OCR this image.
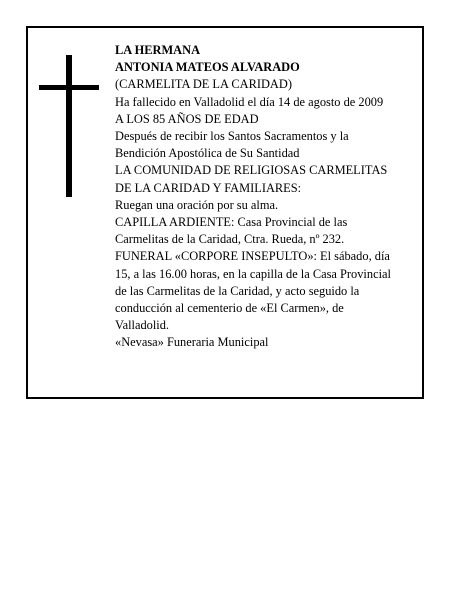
LA HERMANA
ANTONIA MATEOS ALVARADO
(CARMELITA DE LA CARIDAD)
Ha fallecido en Valladolid el día 14 de agosto de 2009
A LOS 85 AÑOS DE EDAD
Después de recibir los Santos Sacramentos y la
Bendición Apostólica de Su Santidad
LA COMUNIDAD DE RELIGIOSAS CARMELITAS
DE LA CARIDAD Y FAMILIARES:
Ruegan una oración por su alma.
CAPILLA ARDIENTE: Casa Provincial de las
Carmelitas de la Caridad, Ctra. Rueda, nº 232.
FUNERAL «CORPORE INSEPULTO»: El sábado, día
15, a las 16.00 horas, en la capilla de la Casa Provincial
de las Carmelitas de la Caridad, y acto seguido la
conducción al cementerio de «El Carmen», de
Valladolid.
«Nevasa» Funeraria Municipal
